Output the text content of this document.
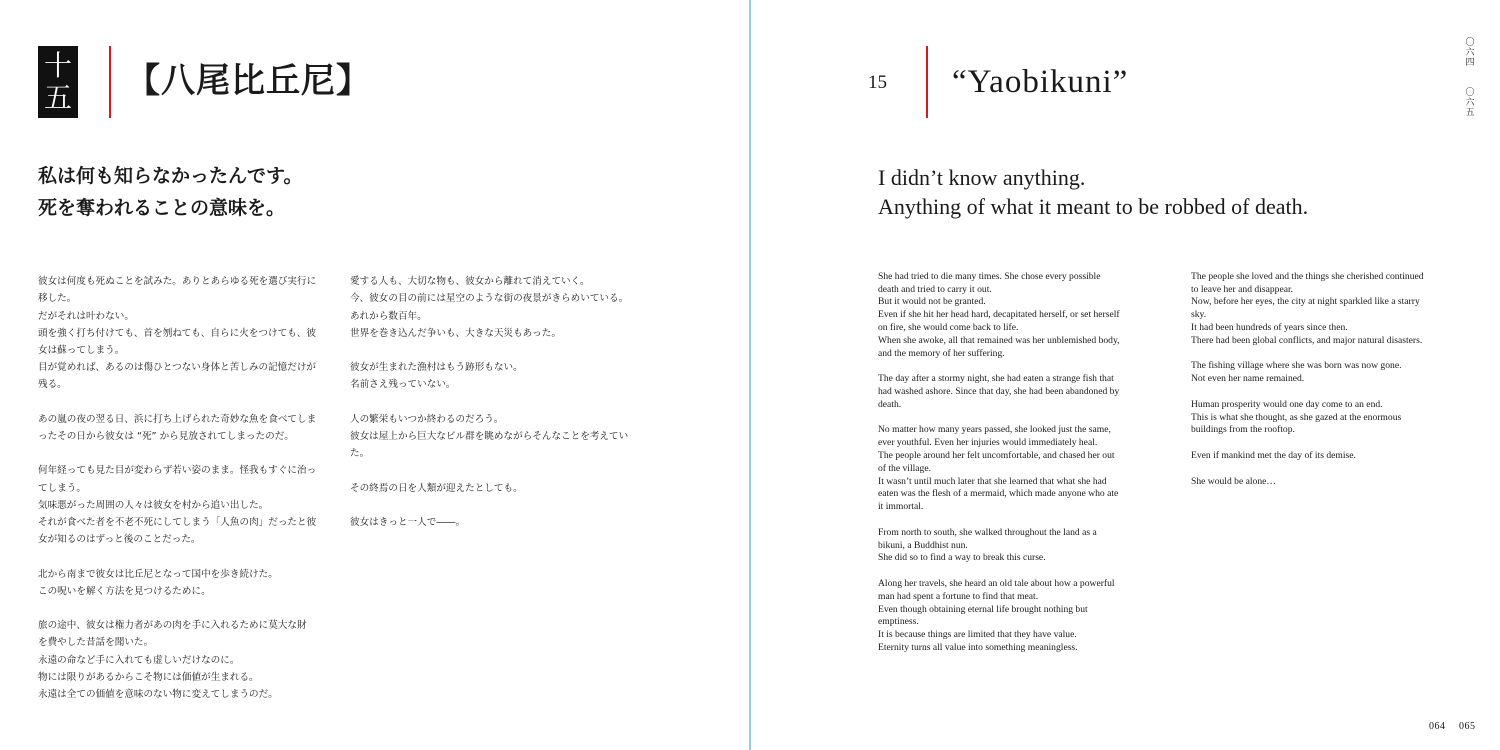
十
五 【八尾比丘尼】
私は何も知らなかったんです。
死を奪われることの意味を。

彼女は何度も死ぬことを試みた。ありとあらゆる死を選び実行に
移した。
だがそれは叶わない。
頭を強く打ち付けても、首を刎ねても、自らに火をつけても、彼
女は蘇ってしまう。
目が覚めれば、あるのは傷ひとつない身体と苦しみの記憶だけが
残る。

あの嵐の夜の翌る日、浜に打ち上げられた奇妙な魚を食べてしま
ったその日から彼女は “死” から見放されてしまったのだ。

何年経っても見た目が変わらず若い姿のまま。怪我もすぐに治っ
てしまう。
気味悪がった周囲の人々は彼女を村から追い出した。
それが食べた者を不老不死にしてしまう「人魚の肉」だったと彼
女が知るのはずっと後のことだった。

北から南まで彼女は比丘尼となって国中を歩き続けた。
この呪いを解く方法を見つけるために。

旅の途中、彼女は権力者があの肉を手に入れるために莫大な財
を費やした昔話を聞いた。
永遠の命など手に入れても虚しいだけなのに。
物には限りがあるからこそ物には価値が生まれる。
永遠は全ての価値を意味のない物に変えてしまうのだ。

愛する人も、大切な物も、彼女から離れて消えていく。
今、彼女の目の前には星空のような街の夜景がきらめいている。
あれから数百年。
世界を巻き込んだ争いも、大きな天災もあった。

彼女が生まれた漁村はもう跡形もない。
名前さえ残っていない。

人の繁栄もいつか終わるのだろう。
彼女は屋上から巨大なビル群を眺めながらそんなことを考えてい
た。

その終焉の日を人類が迎えたとしても。

彼女はきっと一人で――。

15	“Yaobikuni”
I didn’t know anything.
Anything of what it meant to be robbed of death.

She had tried to die many times. She chose every possible
death and tried to carry it out.
But it would not be granted.
Even if she hit her head hard, decapitated herself, or set herself
on fire, she would come back to life.
When she awoke, all that remained was her unblemished body,
and the memory of her suffering.

The day after a stormy night, she had eaten a strange fish that
had washed ashore. Since that day, she had been abandoned by
death.

No matter how many years passed, she looked just the same,
ever youthful. Even her injuries would immediately heal.
The people around her felt uncomfortable, and chased her out
of the village.
It wasn’t until much later that she learned that what she had
eaten was the flesh of a mermaid, which made anyone who ate
it immortal.

From north to south, she walked throughout the land as a
bikuni, a Buddhist nun.
She did so to find a way to break this curse.

Along her travels, she heard an old tale about how a powerful
man had spent a fortune to find that meat.
Even though obtaining eternal life brought nothing but
emptiness.
It is because things are limited that they have value.
Eternity turns all value into something meaningless.

The people she loved and the things she cherished continued
to leave her and disappear.
Now, before her eyes, the city at night sparkled like a starry
sky.
It had been hundreds of years since then.
There had been global conflicts, and major natural disasters.

The fishing village where she was born was now gone.
Not even her name remained.

Human prosperity would one day come to an end.
This is what she thought, as she gazed at the enormous
buildings from the rooftop.

Even if mankind met the day of its demise.

She would be alone…

〇六四
〇六五
064 065
